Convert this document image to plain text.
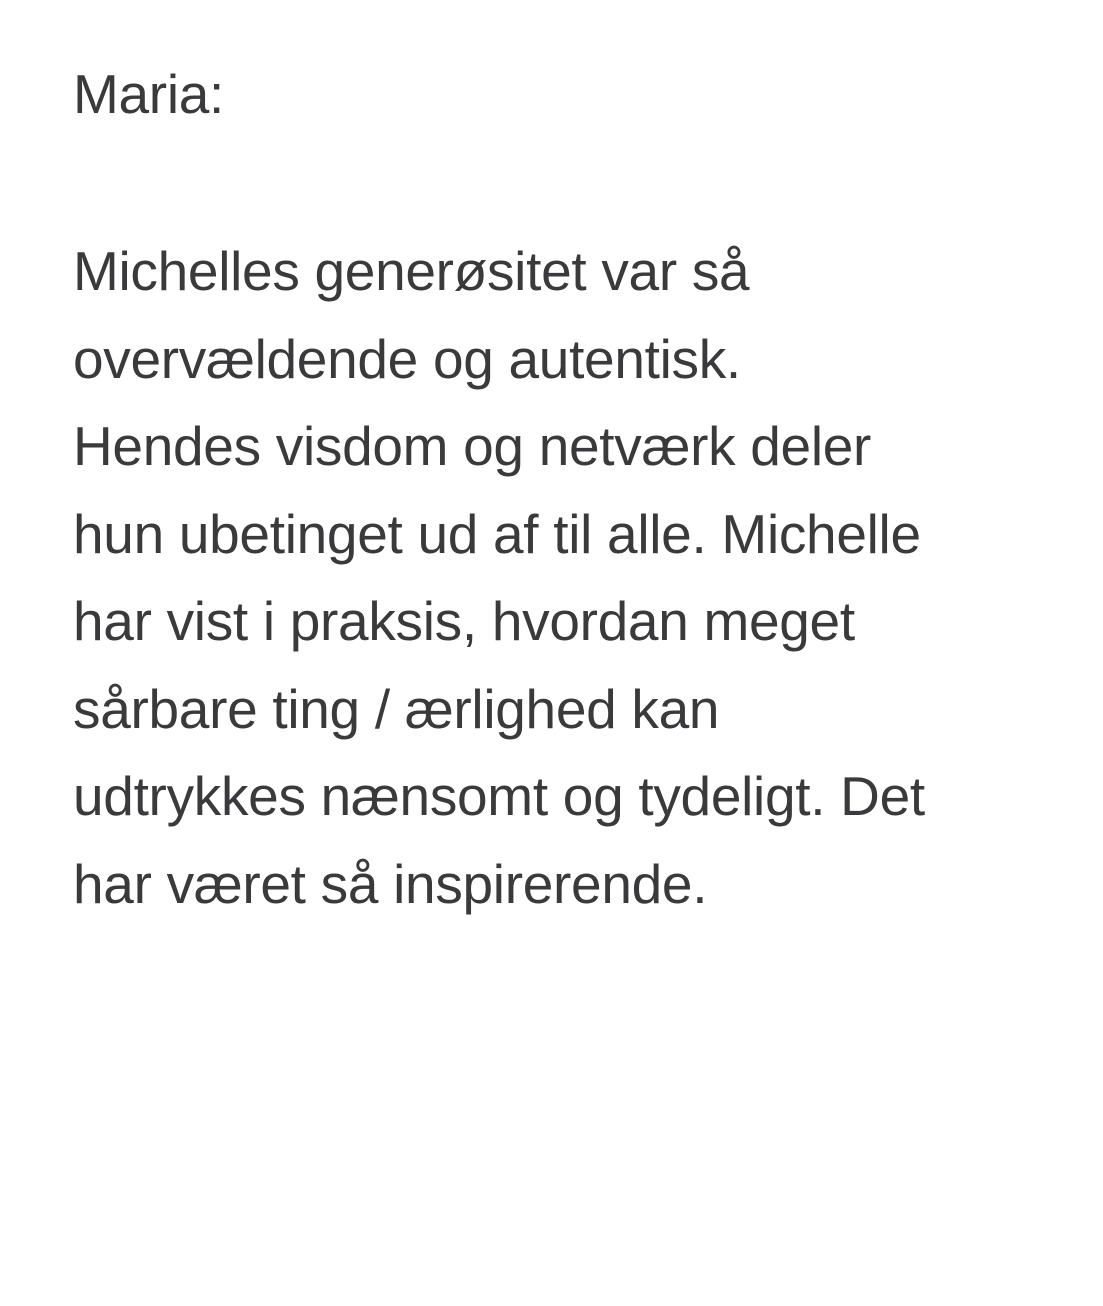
Maria:
Michelles generøsitet var så
overvældende og autentisk.
Hendes visdom og netværk deler
hun ubetinget ud af til alle. Michelle
har vist i praksis, hvordan meget
sårbare ting / ærlighed kan
udtrykkes nænsomt og tydeligt. Det
har været så inspirerende.
